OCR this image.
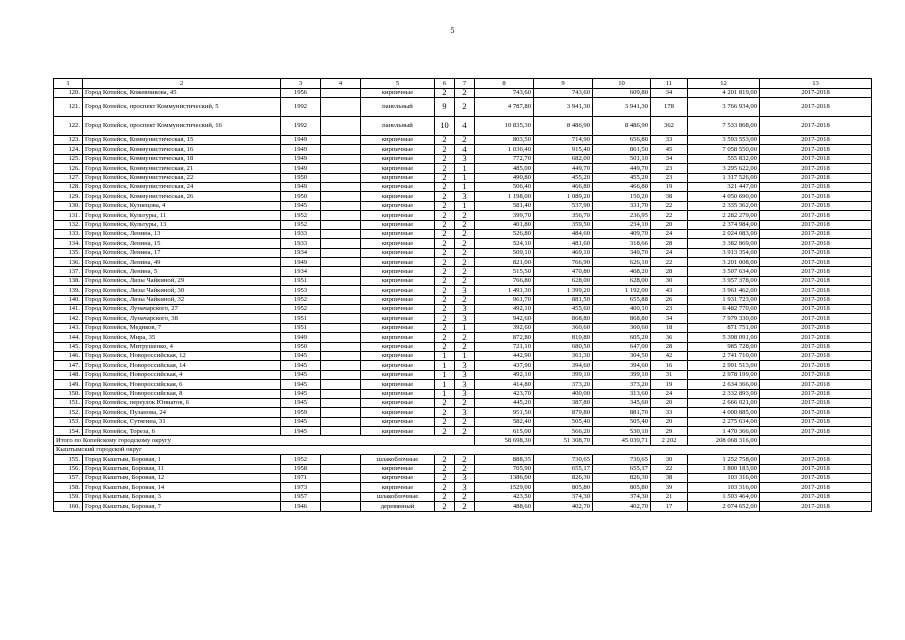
5
1	2	3	4	5	6	7	8	9	10	11	12	13
120.	Город Копейск, Кожевникова, 45	1956		кирпичные	2	2	743,60	743,60	609,80	34	4 201 819,00	2017-2018
121.	Город Копейск, проспект Коммунистический, 5	1992		панельный	9	2	4 787,80	3 941,30	3 941,30	178	3 766 934,00	2017-2018
122.	Город Копейск, проспект Коммунистический, 16	1992		панельный	10	4	10 835,30	8 486,90	8 486,90	362	7 533 868,00	2017-2018
123.	Город Копейск, Коммунистическая, 15	1949		кирпичные	2	2	803,50	714,90	656,80	33	3 593 553,00	2017-2018
124.	Город Копейск, Коммунистическая, 16	1949		кирпичные	2	4	1 036,40	915,40	861,50	45	7 058 550,00	2017-2018
125.	Город Копейск, Коммунистическая, 18	1949		кирпичные	2	3	772,70	682,00	501,10	34	555 832,00	2017-2018
126.	Город Копейск, Коммунистическая, 21	1949		кирпичные	2	1	485,00	449,70	449,70	23	3 295 622,00	2017-2018
127.	Город Копейск, Коммунистическая, 22	1950		кирпичные	2	1	490,80	455,20	455,20	23	1 317 526,00	2017-2018
128.	Город Копейск, Коммунистическая, 24	1949		кирпичные	2	1	506,40	466,80	466,80	19	321 447,00	2017-2018
129.	Город Копейск, Коммунистическая, 26	1950		кирпичные	2	3	1 198,00	1 089,20	150,20	38	4 050 690,00	2017-2018
130.	Город Копейск, Кузнецова, 4	1945		кирпичные	2	1	581,40	537,90	331,70	22	2 335 362,00	2017-2018
131.	Город Копейск, Культуры, 11	1952		кирпичные	2	2	399,70	356,70	236,95	22	2 282 279,00	2017-2018
132.	Город Копейск, Культуры, 13	1952		кирпичные	2	2	401,80	359,50	234,10	20	2 374 984,00	2017-2018
133.	Город Копейск, Ленина, 13	1933		кирпичные	2	2	526,80	484,60	409,70	24	2 024 083,00	2017-2018
134.	Город Копейск, Ленина, 15	1933		кирпичные	2	2	524,10	481,60	318,66	28	3 382 869,00	2017-2018
135.	Город Копейск, Ленина, 17	1934		кирпичные	2	2	509,10	469,10	349,70	24	3 913 354,00	2017-2018
136.	Город Копейск, Ленина, 49	1949		кирпичные	2	2	821,00	766,90	626,10	22	3 201 008,00	2017-2018
137.	Город Копейск, Ленина, 5	1934		кирпичные	2	2	515,50	470,80	408,20	28	3 507 634,00	2017-2018
138.	Город Копейск, Лизы Чайкиной, 29	1951		кирпичные	2	2	766,80	628,00	628,00	30	3 957 378,00	2017-2018
139.	Город Копейск, Лизы Чайкиной, 30	1953		кирпичные	2	3	1 491,30	1 399,20	1 192,00	43	3 961 462,00	2017-2018
140.	Город Копейск, Лизы Чайкиной, 32	1952		кирпичные	2	2	961,70	881,50	655,88	26	1 931 723,00	2017-2018
141.	Город Копейск, Луначарского, 27	1952		кирпичные	2	3	492,10	455,60	400,10	23	6 482 770,00	2017-2018
142.	Город Копейск, Луначарского, 38	1951		кирпичные	2	3	942,60	868,80	868,80	34	7 979 330,00	2017-2018
143.	Город Копейск, Медиков, 7	1951		кирпичные	2	1	392,60	360,60	360,60	18	871 751,00	2017-2018
144.	Город Копейск, Мира, 35	1949		кирпичные	2	2	872,80	810,80	605,20	36	5 398 091,00	2017-2018
145.	Город Копейск, Митрушенко, 4	1950		кирпичные	2	2	721,10	680,50	647,00	28	985 728,00	2017-2018
146.	Город Копейск, Новороссийская, 12	1945		кирпичные	1	1	442,90	361,30	304,50	42	2 741 710,00	2017-2018
147.	Город Копейск, Новороссийская, 14	1945		кирпичные	1	3	437,90	394,60	394,60	16	2 991 513,00	2017-2018
148.	Город Копейск, Новороссийская, 4	1945		кирпичные	1	3	492,10	399,10	399,10	31	2 978 199,00	2017-2018
149.	Город Копейск, Новороссийская, 6	1945		кирпичные	1	3	414,80	373,20	373,20	19	2 634 366,00	2017-2018
150.	Город Копейск, Новороссийская, 8	1945		кирпичные	1	3	423,70	400,00	313,60	24	2 332 893,00	2017-2018
151.	Город Копейск, переулок Юннатов, 6	1945		кирпичные	2	2	445,20	387,80	345,60	20	2 666 021,00	2017-2018
152.	Город Копейск, Пузанова, 24	1959		кирпичные	2	3	951,50	879,80	881,70	33	4 000 885,00	2017-2018
153.	Город Копейск, Сутягина, 31	1945		кирпичные	2	2	582,40	505,40	505,40	20	2 275 634,00	2017-2018
154.	Город Копейск, Тореза, 6	1945		кирпичные	2	2	615,00	566,20	530,10	29	1 470 366,00	2017-2018
Итого по Копейскому городскому округу							58 698,30	51 308,70	45 039,71	2 202	208 068 316,00	
Кыштымский городской округ												
155.	Город Кыштым, Боровая, 1	1952		шлакоблочные	2	2	888,35	730,65	730,65	30	1 252 758,00	2017-2018
156.	Город Кыштым, Боровая, 11	1958		кирпичные	2	2	705,90	655,17	655,17	22	1 800 183,00	2017-2018
157.	Город Кыштым, Боровая, 12	1971		кирпичные	2	3	1386,00	826,30	826,30	38	103 316,00	2017-2018
158.	Город Кыштым, Боровая, 14	1973		кирпичные	2	3	1529,00	805,80	805,80	39	103 316,00	2017-2018
159.	Город Кыштым, Боровая, 3	1957		шлакоблочные	2	2	423,50	374,30	374,30	21	1 503 464,00	2017-2018
160.	Город Кыштым, Боровая, 7	1946		деревянный	2	2	488,60	402,70	402,70	17	2 074 652,00	2017-2018
